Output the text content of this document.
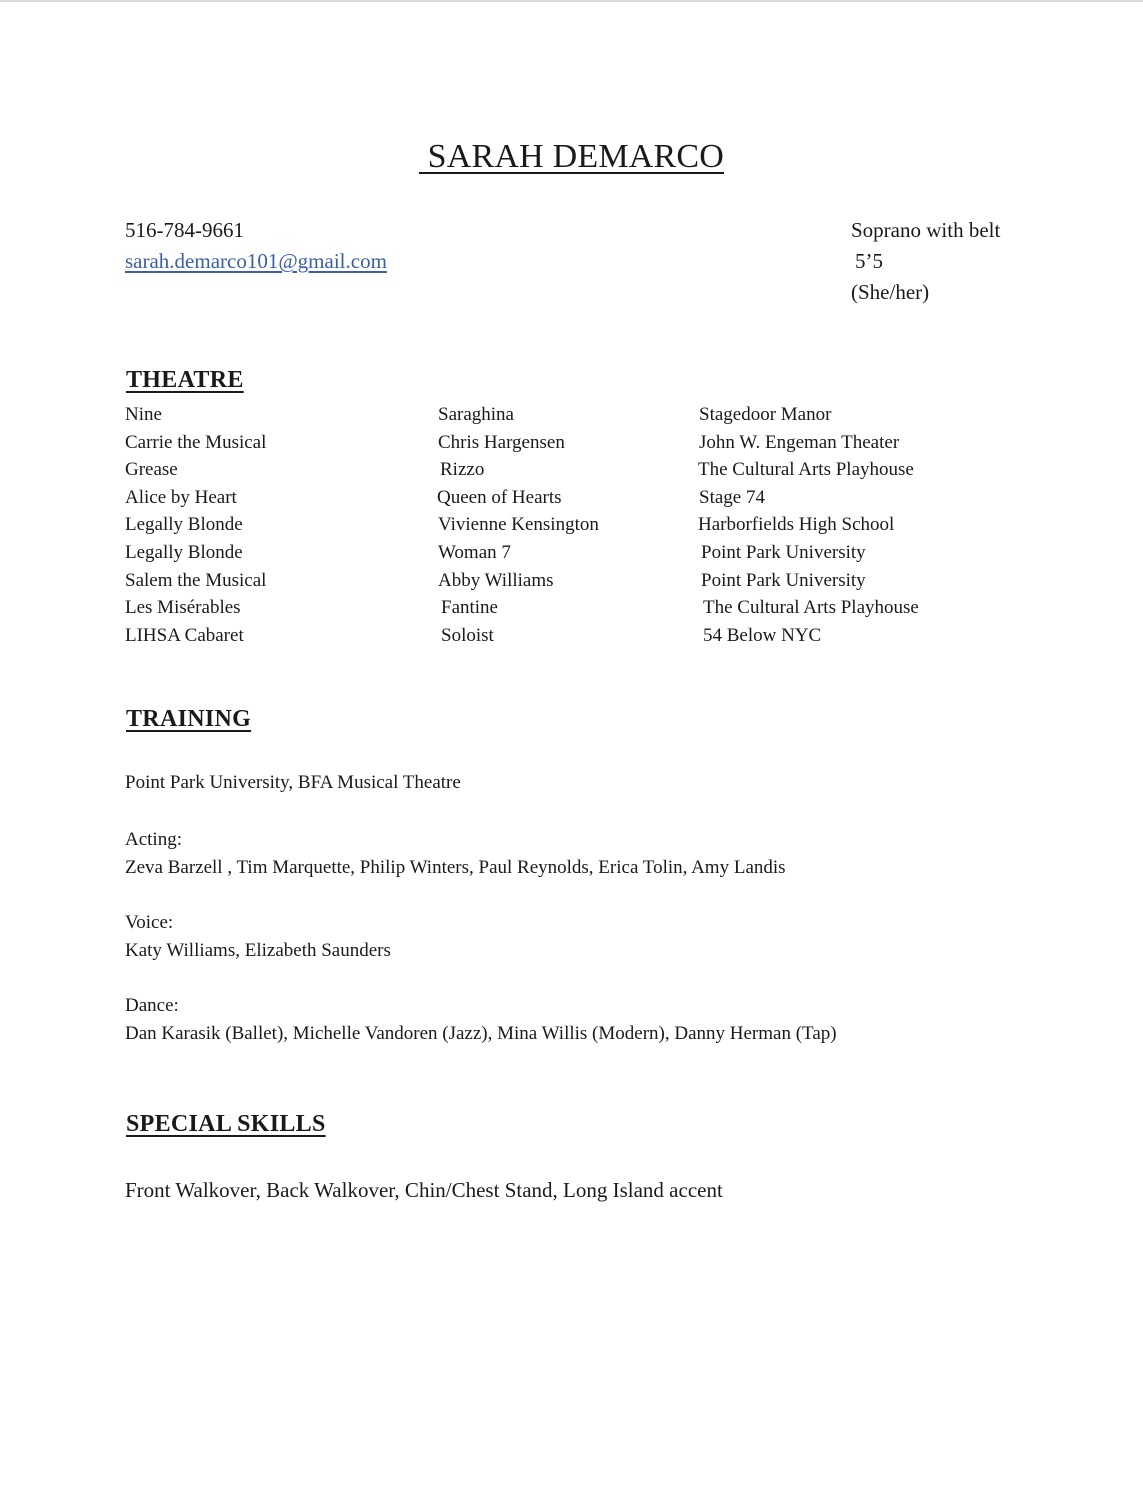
SARAH DEMARCO
516-784-9661
sarah.demarco101@gmail.com
Soprano with belt
5’5
(She/her)
THEATRE
Nine	Saraghina	Stagedoor Manor
Carrie the Musical	Chris Hargensen	John W. Engeman Theater
Grease	Rizzo	The Cultural Arts Playhouse
Alice by Heart	Queen of Hearts	Stage 74
Legally Blonde	Vivienne Kensington	Harborfields High School
Legally Blonde	Woman 7	Point Park University
Salem the Musical	Abby Williams	Point Park University
Les Misérables	Fantine	The Cultural Arts Playhouse
LIHSA Cabaret	Soloist	54 Below NYC
TRAINING
Point Park University, BFA Musical Theatre
Acting:
Zeva Barzell , Tim Marquette, Philip Winters, Paul Reynolds, Erica Tolin, Amy Landis
Voice:
Katy Williams, Elizabeth Saunders
Dance:
Dan Karasik (Ballet), Michelle Vandoren (Jazz), Mina Willis (Modern), Danny Herman (Tap)
SPECIAL SKILLS
Front Walkover, Back Walkover, Chin/Chest Stand, Long Island accent
